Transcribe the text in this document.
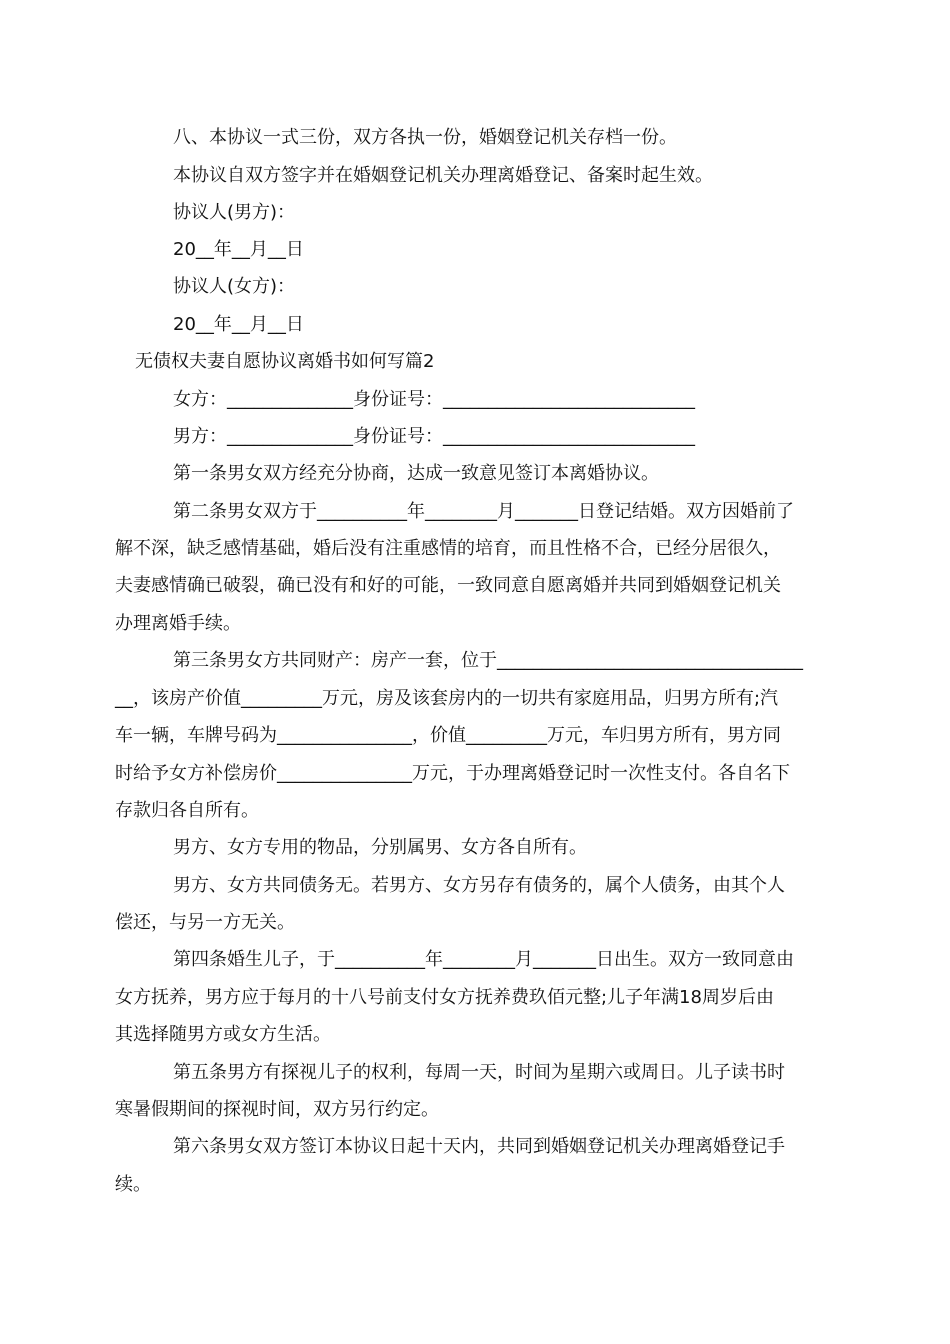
八、本协议一式三份，双方各执一份，婚姻登记机关存档一份。
本协议自双方签字并在婚姻登记机关办理离婚登记、备案时起生效。
协议人(男方)：
20__年__月__日
协议人(女方)：
20__年__月__日
无债权夫妻自愿协议离婚书如何写篇2
女方：______________身份证号：____________________________
男方：______________身份证号：____________________________
第一条男女双方经充分协商，达成一致意见签订本离婚协议。
第二条男女双方于__________年________月_______日登记结婚。双方因婚前了
解不深，缺乏感情基础，婚后没有注重感情的培育，而且性格不合，已经分居很久，
夫妻感情确已破裂，确已没有和好的可能，一致同意自愿离婚并共同到婚姻登记机关
办理离婚手续。
第三条男女方共同财产：房产一套，位于__________________________________
__，该房产价值_________万元，房及该套房内的一切共有家庭用品，归男方所有;汽
车一辆，车牌号码为_______________，价值_________万元，车归男方所有，男方同
时给予女方补偿房价_______________万元，于办理离婚登记时一次性支付。各自名下
存款归各自所有。
男方、女方专用的物品，分别属男、女方各自所有。
男方、女方共同债务无。若男方、女方另存有债务的，属个人债务，由其个人
偿还，与另一方无关。
第四条婚生儿子，于__________年________月_______日出生。双方一致同意由
女方抚养，男方应于每月的十八号前支付女方抚养费玖佰元整;儿子年满18周岁后由
其选择随男方或女方生活。
第五条男方有探视儿子的权利，每周一天，时间为星期六或周日。儿子读书时
寒暑假期间的探视时间，双方另行约定。
第六条男女双方签订本协议日起十天内，共同到婚姻登记机关办理离婚登记手
续。
